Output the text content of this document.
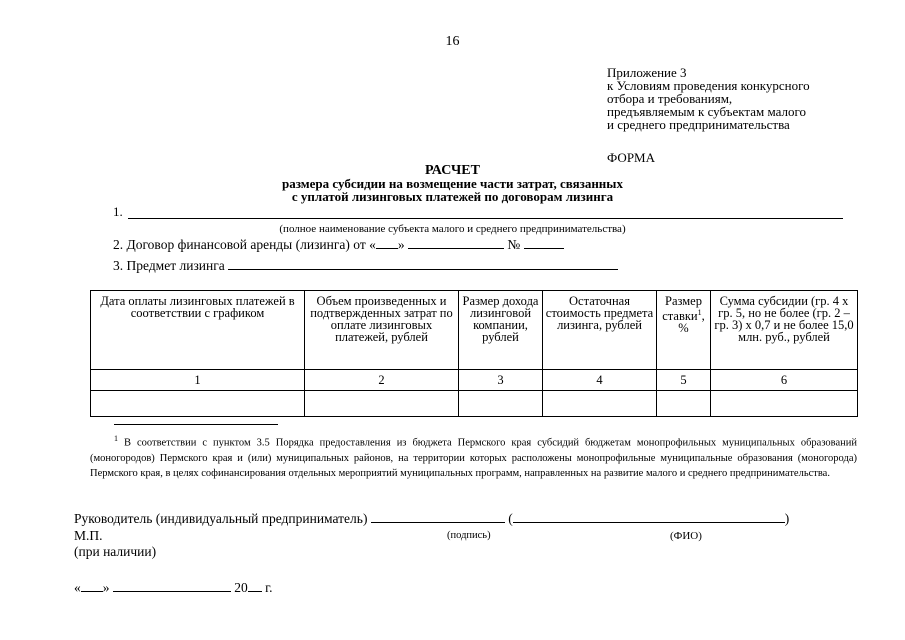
16
Приложение 3
к Условиям проведения конкурсного
отбора и требованиям,
предъявляемым к субъектам малого
и среднего предпринимательства
ФОРМА
РАСЧЕТ
размера субсидии на возмещение части затрат, связанных
с уплатой лизинговых платежей по договорам лизинга
1.
(полное наименование субъекта малого и среднего предпринимательства)
2. Договор финансовой аренды (лизинга) от « »	№
3. Предмет лизинга
Дата оплаты лизинговых платежей в соответствии с графиком	Объем произведенных и подтвержденных затрат по оплате лизинговых платежей, рублей	Размер дохода лизинговой компании, рублей	Остаточная стоимость предмета лизинга, рублей	Размер ставки$^1$, %	Сумма субсидии (гр. 4 х гр. 5, но не более (гр. 2 – гр. 3) х 0,7 и не более 15,0 млн. руб., рублей
1	2	3	4	5	6

$^1$ В соответствии с пунктом 3.5 Порядка предоставления из бюджета Пермского края субсидий бюджетам монопрофильных муниципальных образований (моногородов) Пермского края и (или) муниципальных районов, на территории которых расположены монопрофильные муниципальные образования (моногорода) Пермского края, в целях софинансирования отдельных мероприятий муниципальных программ, направленных на развитие малого и среднего предпринимательства.
Руководитель (индивидуальный предприниматель)	(	)
М.П.	(подпись)	(ФИО)
(при наличии)
« »	20 г.
